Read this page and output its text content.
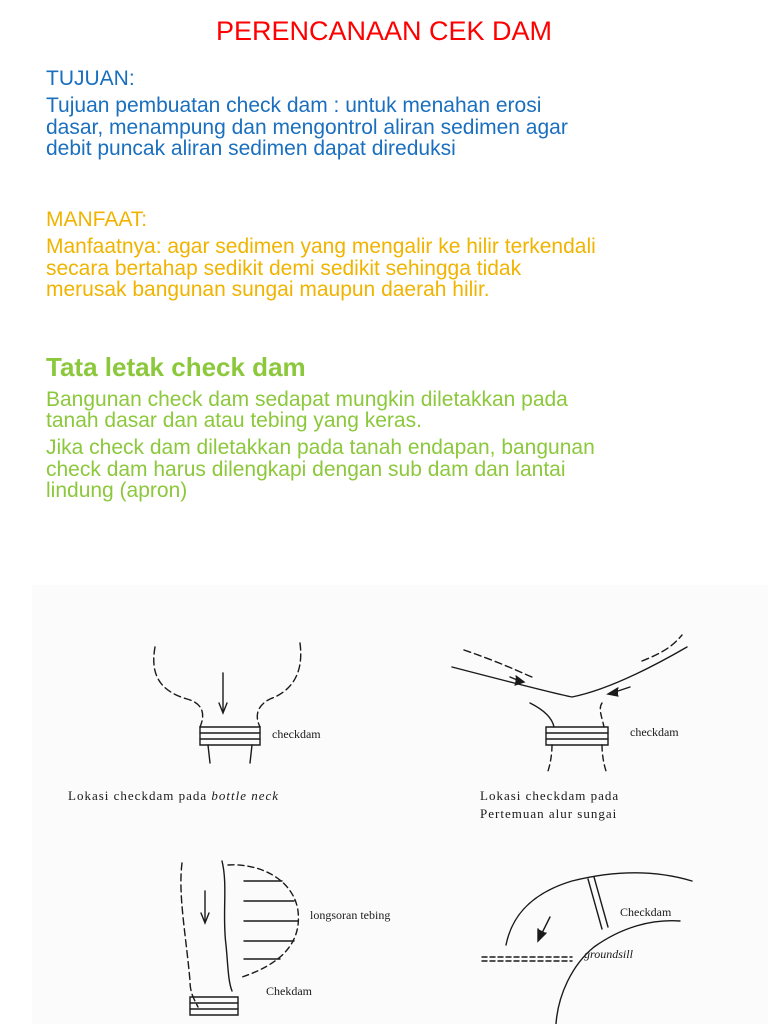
PERENCANAAN CEK DAM
TUJUAN:
Tujuan pembuatan check dam : untuk menahan erosi
dasar, menampung dan mengontrol aliran sedimen agar
debit puncak aliran sedimen dapat direduksi
MANFAAT:
Manfaatnya: agar sedimen yang mengalir ke hilir terkendali
secara bertahap sedikit demi sedikit sehingga tidak
merusak bangunan sungai maupun daerah hilir.
Tata letak check dam
Bangunan check dam sedapat mungkin diletakkan pada
tanah dasar dan atau tebing yang keras.
Jika check dam diletakkan pada tanah endapan, bangunan
check dam harus dilengkapi dengan sub dam dan lantai
lindung (apron)
checkdam
Lokasi checkdam pada bottle neck
checkdam
Lokasi checkdam pada
Pertemuan alur sungai
longsoran tebing
Chekdam
Checkdam
groundsill
